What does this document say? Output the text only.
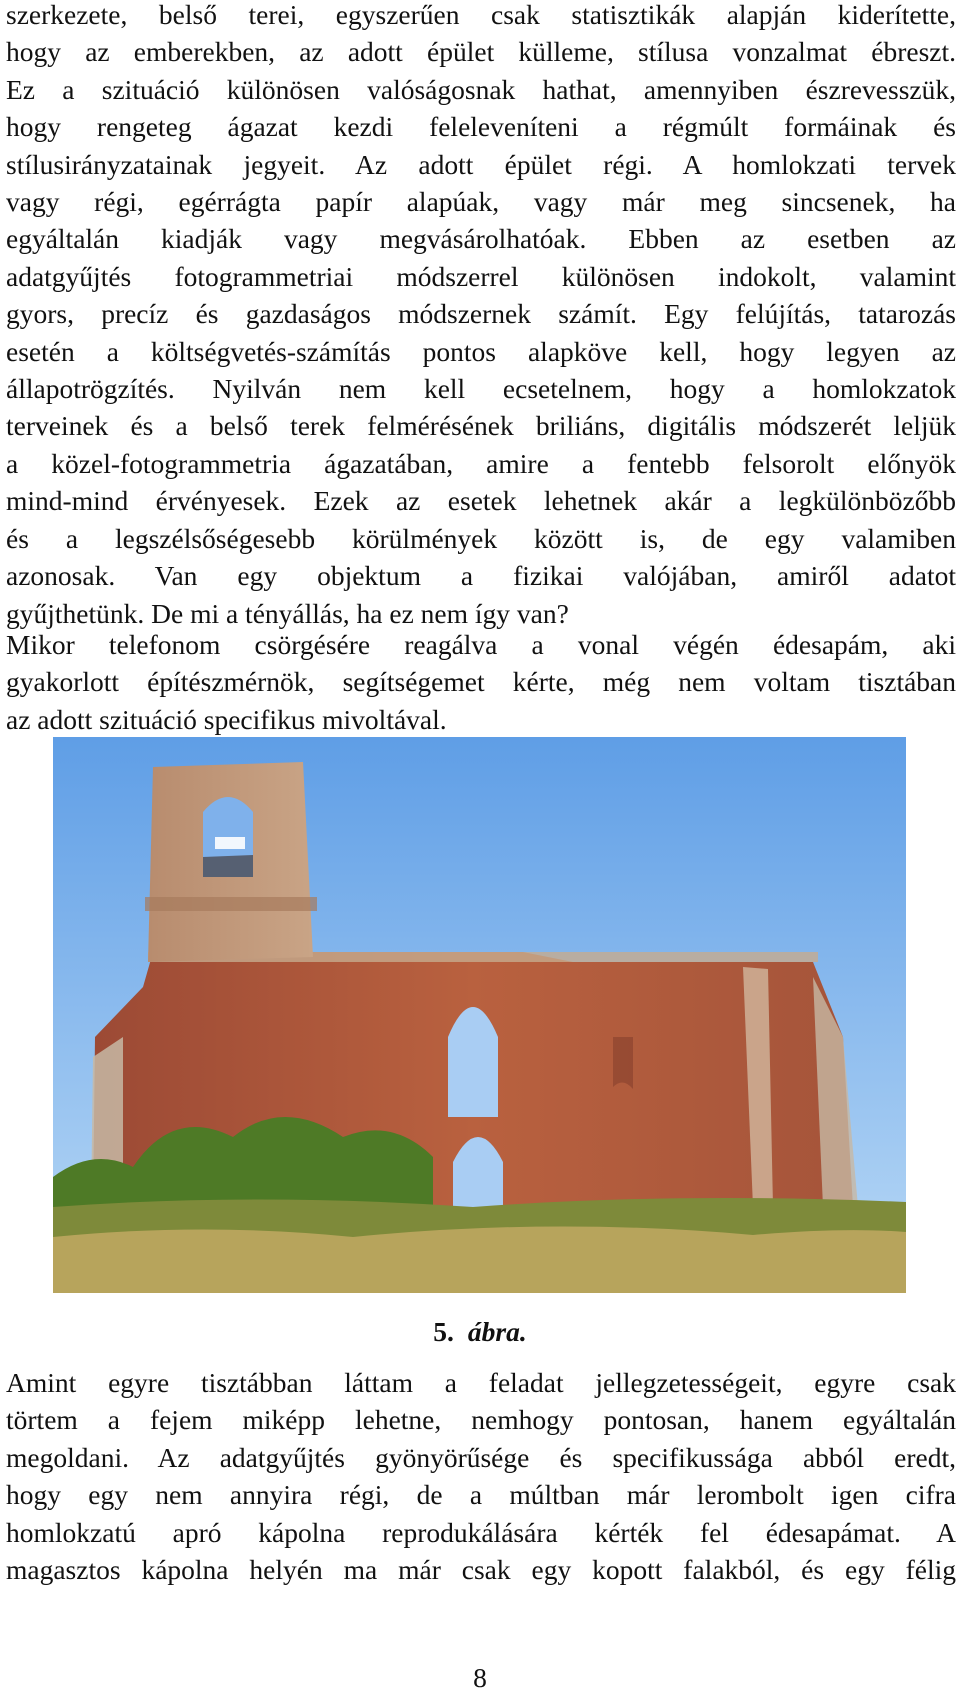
szerkezete, belső terei, egyszerűen csak statisztikák alapján kiderítette,
hogy az emberekben, az adott épület külleme, stílusa vonzalmat ébreszt.
Ez a szituáció különösen valóságosnak hathat, amennyiben észrevesszük,
hogy rengeteg ágazat kezdi feleleveníteni a régmúlt formáinak és
stílusirányzatainak jegyeit. Az adott épület régi. A homlokzati tervek
vagy régi, egérrágta papír alapúak, vagy már meg sincsenek, ha
egyáltalán kiadják vagy megvásárolhatóak. Ebben az esetben az
adatgyűjtés fotogrammetriai módszerrel különösen indokolt, valamint
gyors, precíz és gazdaságos módszernek számít. Egy felújítás, tatarozás
esetén a költségvetés-számítás pontos alapköve kell, hogy legyen az
állapotrögzítés. Nyilván nem kell ecsetelnem, hogy a homlokzatok
terveinek és a belső terek felmérésének briliáns, digitális módszerét leljük
a közel-fotogrammetria ágazatában, amire a fentebb felsorolt előnyök
mind-mind érvényesek. Ezek az esetek lehetnek akár a legkülönbözőbb
és a legszélsőségesebb körülmények között is, de egy valamiben
azonosak. Van egy objektum a fizikai valójában, amiről adatot
gyűjthetünk. De mi a tényállás, ha ez nem így van?
Mikor telefonom csörgésére reagálva a vonal végén édesapám, aki
gyakorlott építészmérnök, segítségemet kérte, még nem voltam tisztában
az adott szituáció specifikus mivoltával.
5. ábra.
Amint egyre tisztábban láttam a feladat jellegzetességeit, egyre csak
törtem a fejem miképp lehetne, nemhogy pontosan, hanem egyáltalán
megoldani. Az adatgyűjtés gyönyörűsége és specifikussága abból eredt,
hogy egy nem annyira régi, de a múltban már lerombolt igen cifra
homlokzatú apró kápolna reprodukálására kérték fel édesapámat. A
magasztos kápolna helyén ma már csak egy kopott falakból, és egy félig
8
